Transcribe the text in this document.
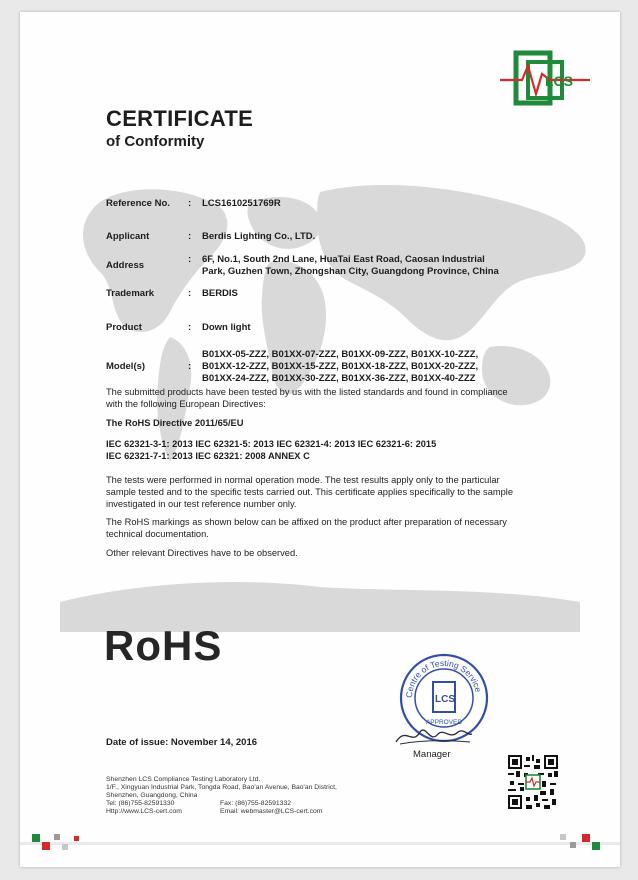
LCS
CERTIFICATE
of Conformity
Reference No. : LCS1610251769R
Applicant	: Berdis Lighting Co., LTD.
Address
: 6F, No.1, South 2nd Lane, HuaTai East Road, Caosan Industrial
Park, Guzhen Town, Zhongshan City, Guangdong Province, China
Trademark	: BERDIS
Product	: Down light
Model(s)	:
B01XX-05-ZZZ, B01XX-07-ZZZ, B01XX-09-ZZZ, B01XX-10-ZZZ,
B01XX-12-ZZZ, B01XX-15-ZZZ, B01XX-18-ZZZ, B01XX-20-ZZZ,
B01XX-24-ZZZ, B01XX-30-ZZZ, B01XX-36-ZZZ, B01XX-40-ZZZ
The submitted products have been tested by us with the listed standards and found in compliance with the following European Directives:
The RoHS Directive 2011/65/EU
IEC 62321-3-1: 2013 IEC 62321-5: 2013 IEC 62321-4: 2013 IEC 62321-6: 2015
IEC 62321-7-1: 2013 IEC 62321: 2008 ANNEX C
The tests were performed in normal operation mode. The test results apply only to the particular sample tested and to the specific tests carried out. This certificate applies specifically to the sample investigated in our test reference number only.
The RoHS markings as shown below can be affixed on the product after preparation of necessary technical documentation.
Other relevant Directives have to be observed.
RoHS
Centre of Testing Service
LCS
APPROVED
Manager
Date of issue: November 14, 2016
Shenzhen LCS Compliance Testing Laboratory Ltd.
1/F., Xingyuan Industrial Park, Tongda Road, Bao'an Avenue, Bao'an District,
Shenzhen, Guangdong, China
Tel: (86)755-82591330	Fax: (86)755-82591332
Http://www.LCS-cert.com	Email: webmaster@LCS-cert.com
